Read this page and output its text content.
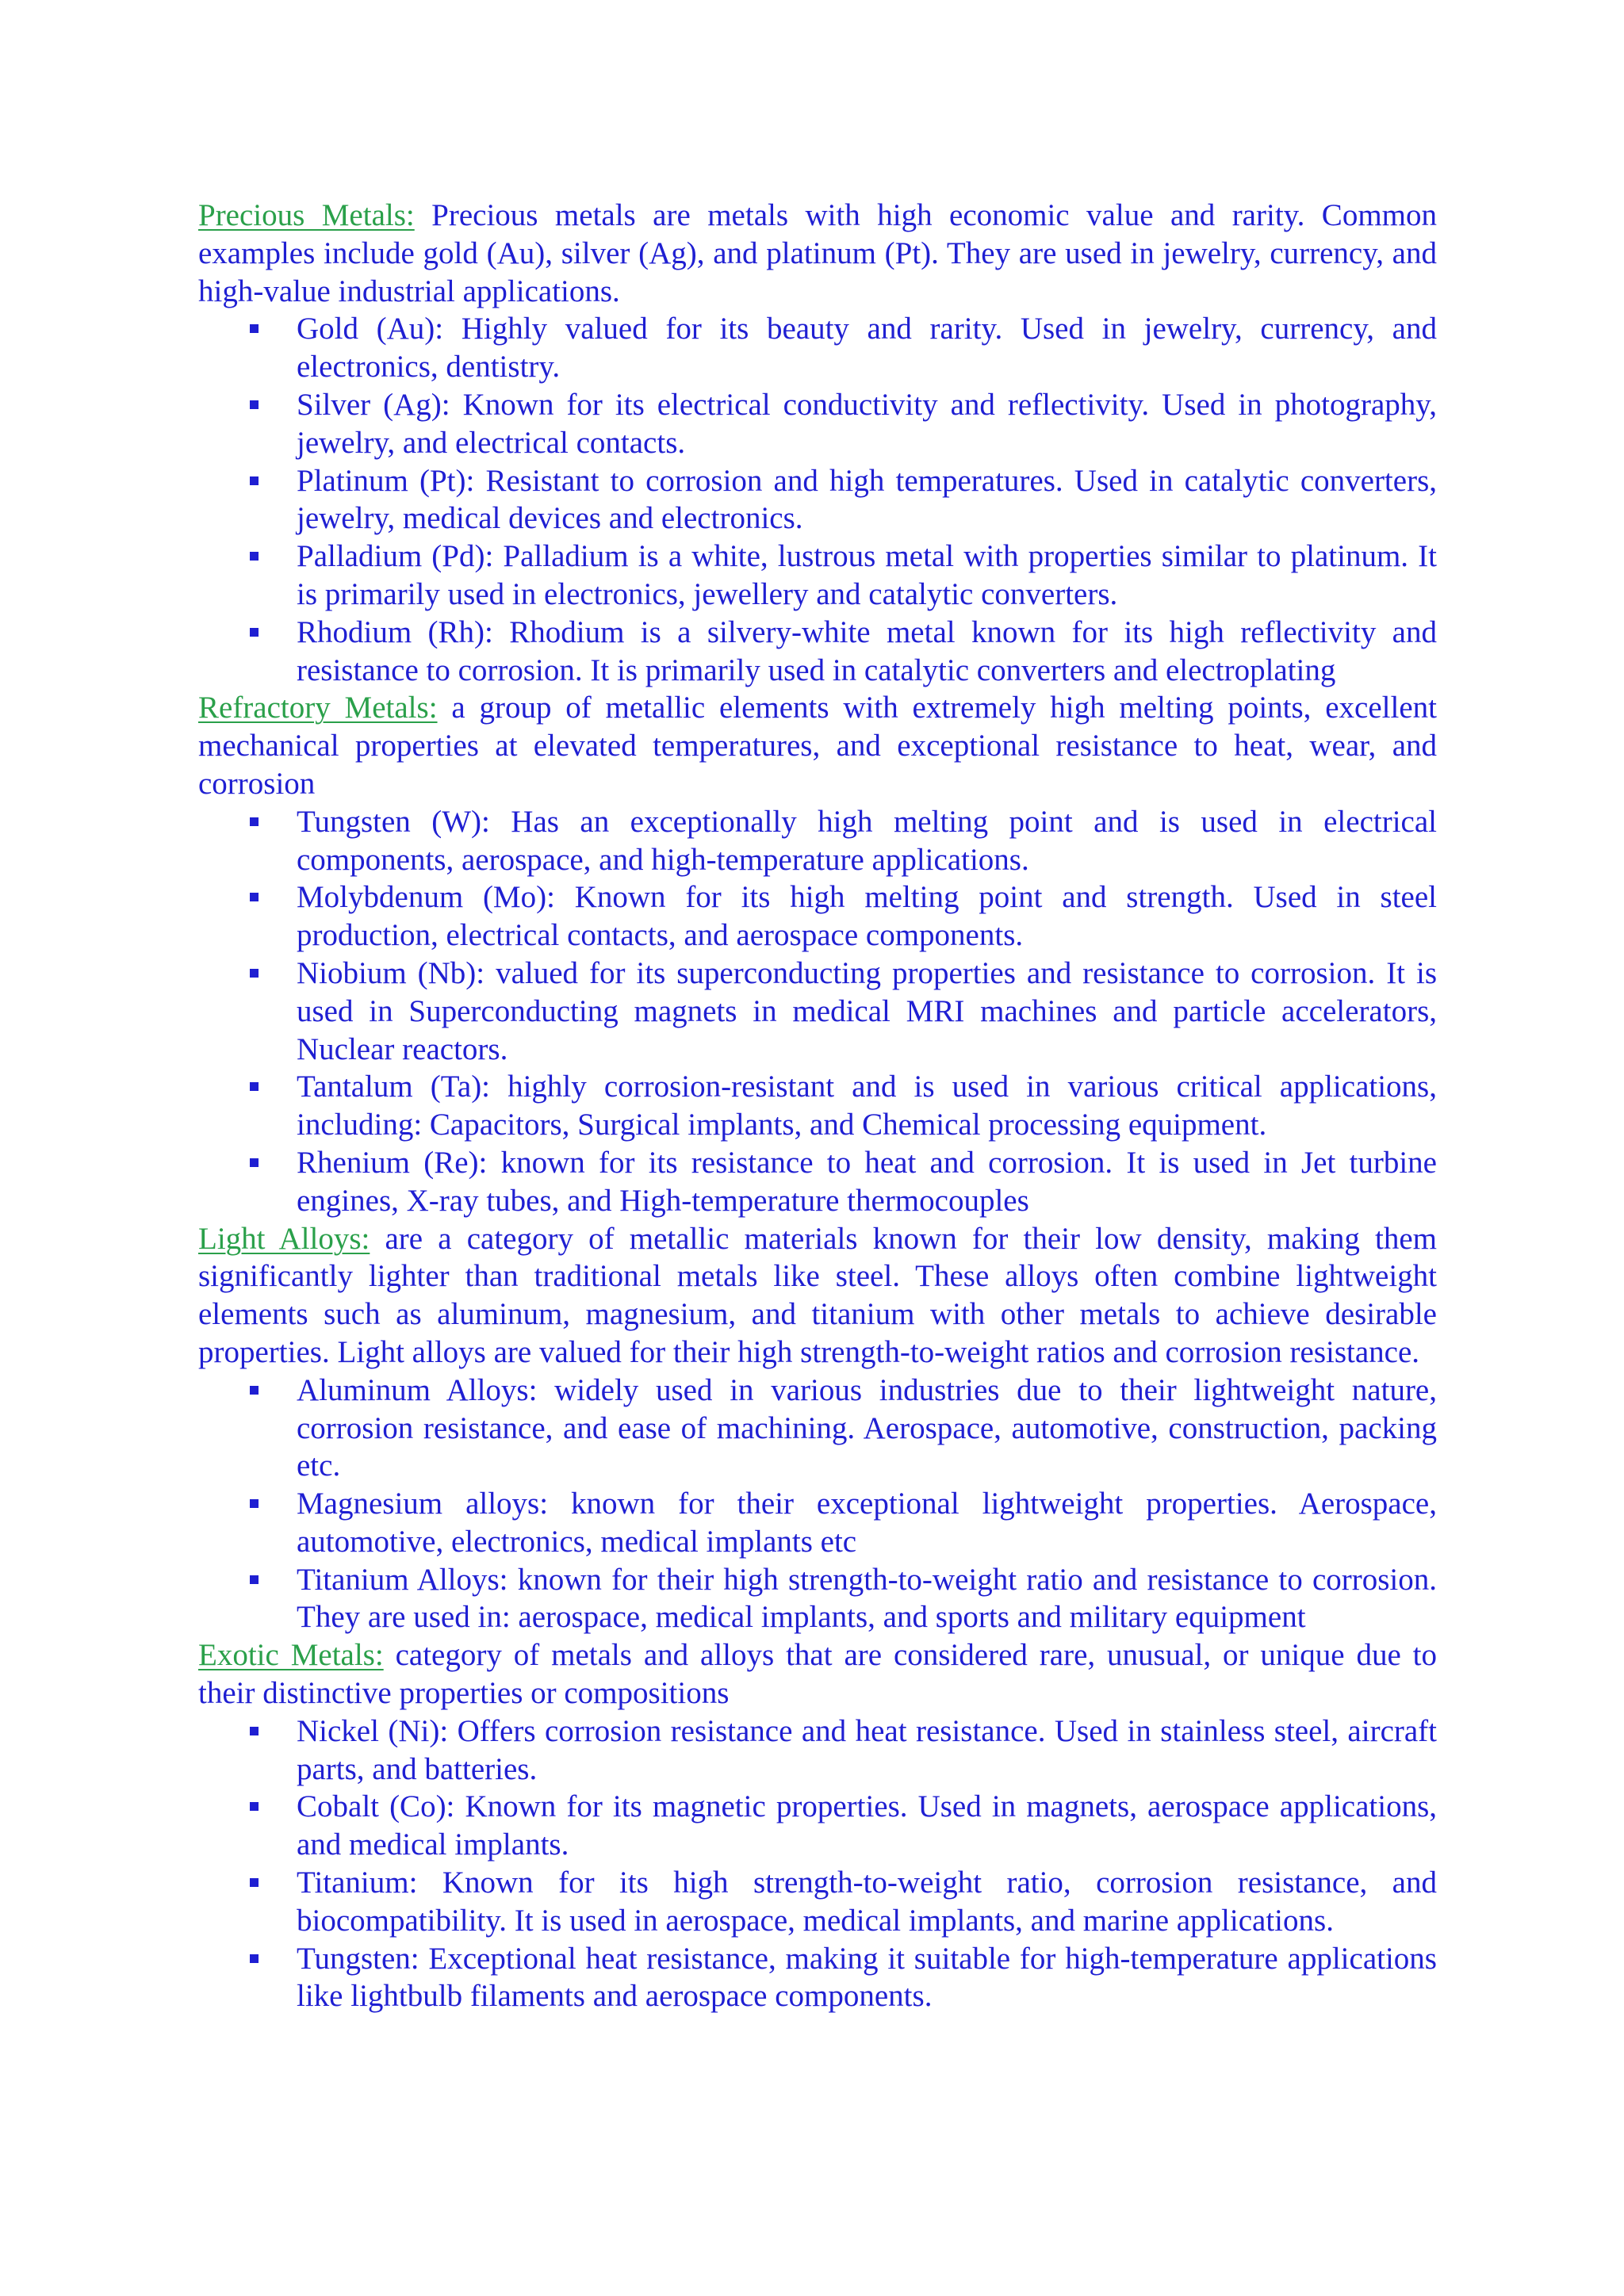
Precious Metals: Precious metals are metals with high economic value and rarity. Common examples include gold (Au), silver (Ag), and platinum (Pt). They are used in jewelry, currency, and high-value industrial applications.

Gold (Au): Highly valued for its beauty and rarity. Used in jewelry, currency, and electronics, dentistry.
Silver (Ag): Known for its electrical conductivity and reflectivity. Used in photography, jewelry, and electrical contacts.
Platinum (Pt): Resistant to corrosion and high temperatures. Used in catalytic converters, jewelry, medical devices and electronics.
Palladium (Pd): Palladium is a white, lustrous metal with properties similar to platinum. It is primarily used in electronics, jewellery and catalytic converters.
Rhodium (Rh): Rhodium is a silvery-white metal known for its high reflectivity and resistance to corrosion. It is primarily used in catalytic converters and electroplating

Refractory Metals: a group of metallic elements with extremely high melting points, excellent mechanical properties at elevated temperatures, and exceptional resistance to heat, wear, and corrosion

Tungsten (W): Has an exceptionally high melting point and is used in electrical components, aerospace, and high-temperature applications.
Molybdenum (Mo): Known for its high melting point and strength. Used in steel production, electrical contacts, and aerospace components.
Niobium (Nb): valued for its superconducting properties and resistance to corrosion. It is used in Superconducting magnets in medical MRI machines and particle accelerators, Nuclear reactors.
Tantalum (Ta): highly corrosion-resistant and is used in various critical applications, including: Capacitors, Surgical implants, and Chemical processing equipment.
Rhenium (Re): known for its resistance to heat and corrosion. It is used in Jet turbine engines, X-ray tubes, and High-temperature thermocouples

Light Alloys: are a category of metallic materials known for their low density, making them significantly lighter than traditional metals like steel. These alloys often combine lightweight elements such as aluminum, magnesium, and titanium with other metals to achieve desirable properties. Light alloys are valued for their high strength-to-weight ratios and corrosion resistance.

Aluminum Alloys: widely used in various industries due to their lightweight nature, corrosion resistance, and ease of machining. Aerospace, automotive, construction, packing etc.
Magnesium alloys: known for their exceptional lightweight properties. Aerospace, automotive, electronics, medical implants etc
Titanium Alloys: known for their high strength-to-weight ratio and resistance to corrosion. They are used in: aerospace, medical implants, and sports and military equipment

Exotic Metals: category of metals and alloys that are considered rare, unusual, or unique due to their distinctive properties or compositions

Nickel (Ni): Offers corrosion resistance and heat resistance. Used in stainless steel, aircraft parts, and batteries.
Cobalt (Co): Known for its magnetic properties. Used in magnets, aerospace applications, and medical implants.
Titanium: Known for its high strength-to-weight ratio, corrosion resistance, and biocompatibility. It is used in aerospace, medical implants, and marine applications.
Tungsten: Exceptional heat resistance, making it suitable for high-temperature applications like lightbulb filaments and aerospace components.
